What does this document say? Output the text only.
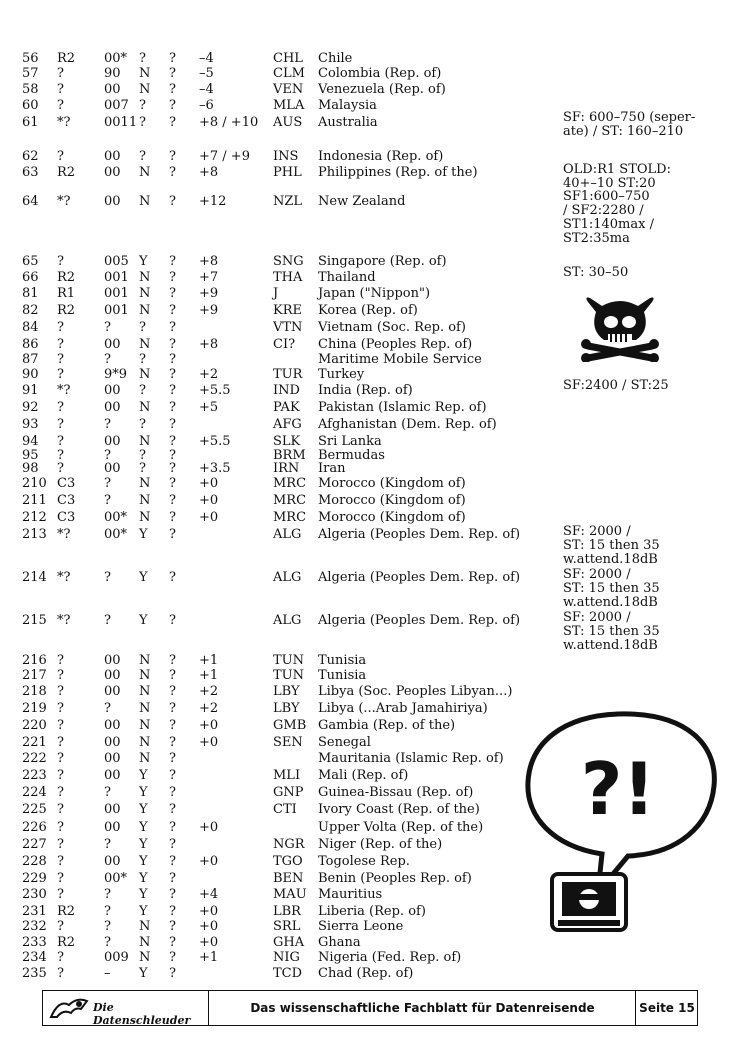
56 R2 00* ? ? –4	CHL Chile
57 ?	90 N ? –5	CLM Colombia (Rep. of)
58 ?	00 N ? –4	VEN Venezuela (Rep. of)
60 ?	007 ? ? –6	MLA Malaysia
61 *?	0011 ? ? +8 / +10 AUS Australia
62 ?	00 ? ? +7 / +9 INS Indonesia (Rep. of)
63 R2 00 N ? +8	PHL Philippines (Rep. of the)
64 *?	00 N ? +12	NZL New Zealand
65 ?	005 Y ? +8	SNG Singapore (Rep. of)
66 R2 001 N ? +7	THA Thailand
81 R1 001 N ? +9	J	Japan ("Nippon")
82 R2 001 N ? +9	KRE Korea (Rep. of)
84 ?	? ? ?	VTN Vietnam (Soc. Rep. of)
86 ?	00 N ? +8	CI? China (Peoples Rep. of)
87 ?	? ? ?	Maritime Mobile Service
90 ?	9*9 N ? +2	TUR Turkey
91 *?	00 ? ? +5.5	IND India (Rep. of)
92 ?	00 N ? +5	PAK Pakistan (Islamic Rep. of)
93 ?	? ? ?	AFG Afghanistan (Dem. Rep. of)
94 ?	00 N ? +5.5	SLK Sri Lanka
95 ?	? ? ?	BRM Bermudas
98 ?	00 ? ? +3.5	IRN Iran
210 C3 ? N ? +0	MRC Morocco (Kingdom of)
211 C3 ? N ? +0	MRC Morocco (Kingdom of)
212 C3 00* N ? +0	MRC Morocco (Kingdom of)
213 *?	00* Y ?	ALG Algeria (Peoples Dem. Rep. of)
214 *?	? Y ?	ALG Algeria (Peoples Dem. Rep. of)
215 *?	? Y ?	ALG Algeria (Peoples Dem. Rep. of)
216 ?	00 N ? +1	TUN Tunisia
217 ?	00 N ? +1	TUN Tunisia
218 ?	00 N ? +2	LBY Libya (Soc. Peoples Libyan...)
219 ?	? N ? +2	LBY Libya (...Arab Jamahiriya)
220 ?	00 N ? +0	GMB Gambia (Rep. of the)
221 ?	00 N ? +0	SEN Senegal
222 ?	00 N ?	Mauritania (Islamic Rep. of)
223 ?	00 Y ?	MLI Mali (Rep. of)
224 ?	? Y ?	GNP Guinea-Bissau (Rep. of)
225 ?	00 Y ?	CTI Ivory Coast (Rep. of the)
226 ?	00 Y ? +0	Upper Volta (Rep. of the)
227 ?	? Y ?	NGR Niger (Rep. of the)
228 ?	00 Y ? +0	TGO Togolese Rep.
229 ?	00* Y ?	BEN Benin (Peoples Rep. of)
230 ?	? Y ? +4	MAU Mauritius
231 R2 ? Y ? +0	LBR Liberia (Rep. of)
232 ?	? N ? +0	SRL Sierra Leone
233 R2 ? N ? +0	GHA Ghana
234 ?	009 N ? +1	NIG Nigeria (Fed. Rep. of)
235 ?	– Y ?	TCD Chad (Rep. of)
SF: 600–750 (seper-
ate) / ST: 160–210
OLD:R1 STOLD:
40+–10 ST:20
SF1:600–750
/ SF2:2280 /
ST1:140max /
ST2:35ma
ST: 30–50
SF:2400 / ST:25
SF: 2000 /
ST: 15 then 35
w.attend.18dB
SF: 2000 /
ST: 15 then 35
w.attend.18dB
SF: 2000 /
ST: 15 then 35
w.attend.18dB
?!
Die Datenschleuder
Das wissenschaftliche Fachblatt für Datenreisende	Seite 15
